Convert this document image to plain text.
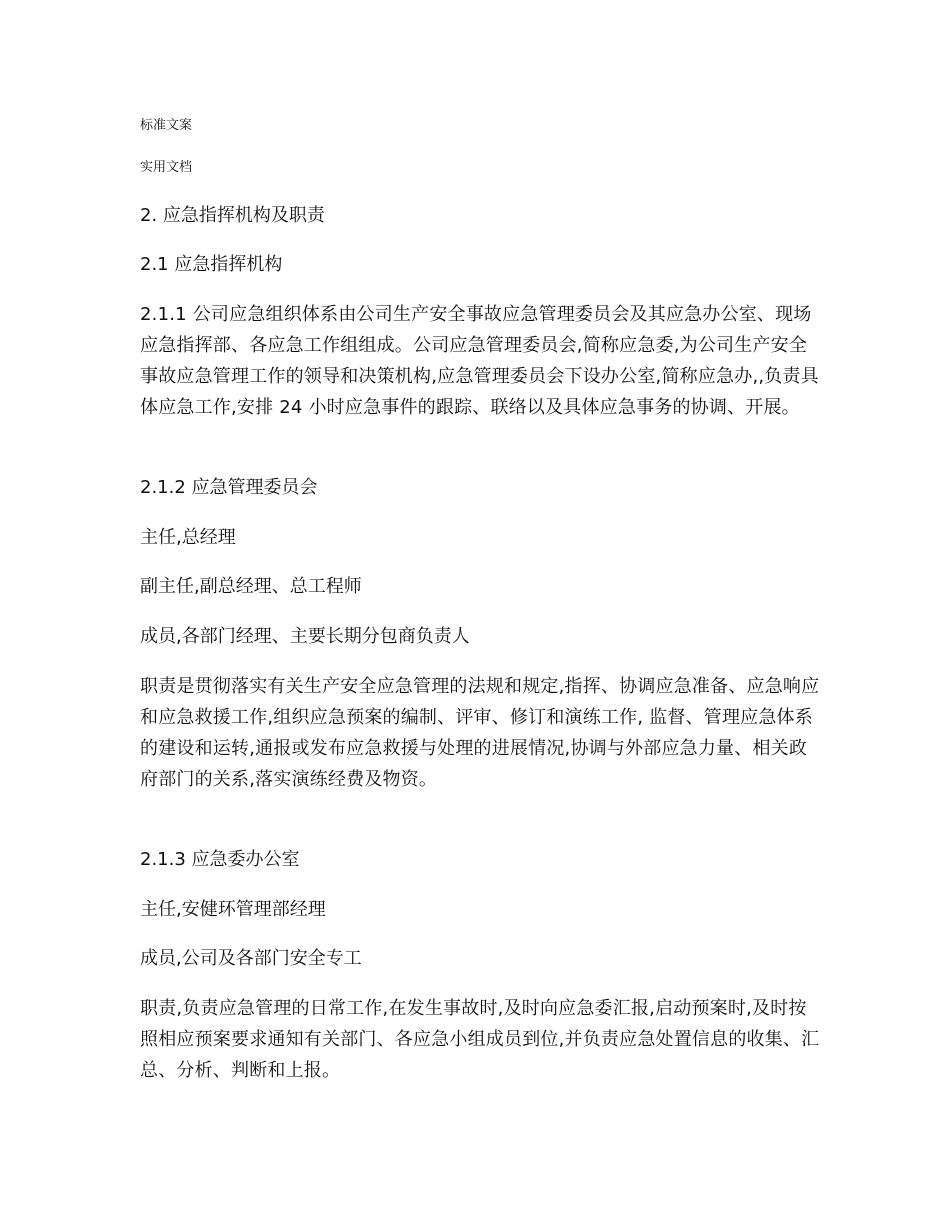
标准文案
实用文档
2. 应急指挥机构及职责
2.1 应急指挥机构
2.1.1 公司应急组织体系由公司生产安全事故应急管理委员会及其应急办公室、现场应急指挥部、各应急工作组组成。公司应急管理委员会,简称应急委,为公司生产安全事故应急管理工作的领导和决策机构,应急管理委员会下设办公室,简称应急办,,负责具体应急工作,安排 24 小时应急事件的跟踪、联络以及具体应急事务的协调、开展。
2.1.2 应急管理委员会
主任,总经理
副主任,副总经理、总工程师
成员,各部门经理、主要长期分包商负责人
职责是贯彻落实有关生产安全应急管理的法规和规定,指挥、协调应急准备、应急响应和应急救援工作,组织应急预案的编制、评审、修订和演练工作, 监督、管理应急体系的建设和运转,通报或发布应急救援与处理的进展情况,协调与外部应急力量、相关政府部门的关系,落实演练经费及物资。
2.1.3 应急委办公室
主任,安健环管理部经理
成员,公司及各部门安全专工
职责,负责应急管理的日常工作,在发生事故时,及时向应急委汇报,启动预案时,及时按照相应预案要求通知有关部门、各应急小组成员到位,并负责应急处置信息的收集、汇总、分析、判断和上报。
